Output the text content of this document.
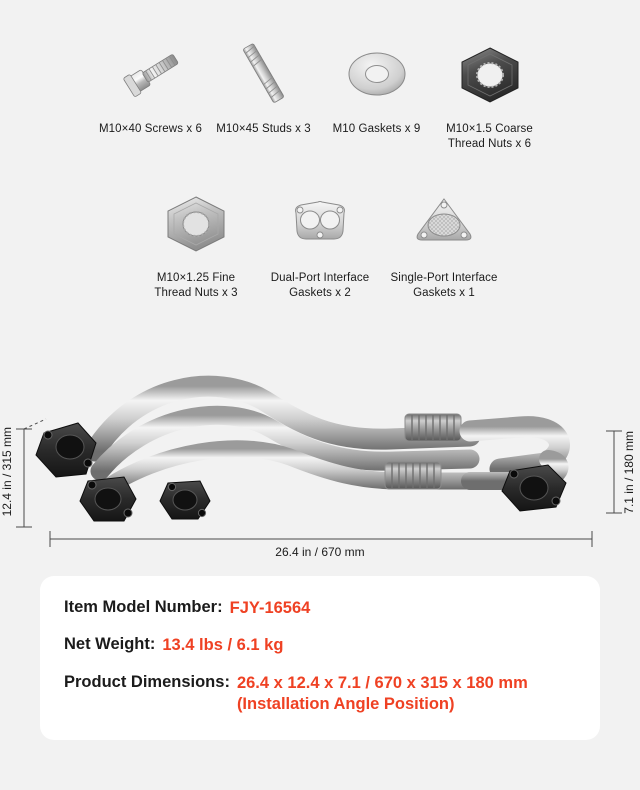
M10×40 Screws x 6 M10×45 Studs x 3 M10 Gaskets x 9 M10×1.5 Coarse
Thread Nuts x 6
M10×1.25 Fine
Thread Nuts x 3
Dual-Port Interface
Gaskets x 2
Single-Port Interface
Gaskets x 1
12.4 in / 315 mm	7.1 in / 180 mm
26.4 in / 670 mm
Item Model Number: FJY-16564
Net Weight: 13.4 lbs / 6.1 kg
Product Dimensions: 26.4 x 12.4 x 7.1 / 670 x 315 x 180 mm
(Installation Angle Position)
